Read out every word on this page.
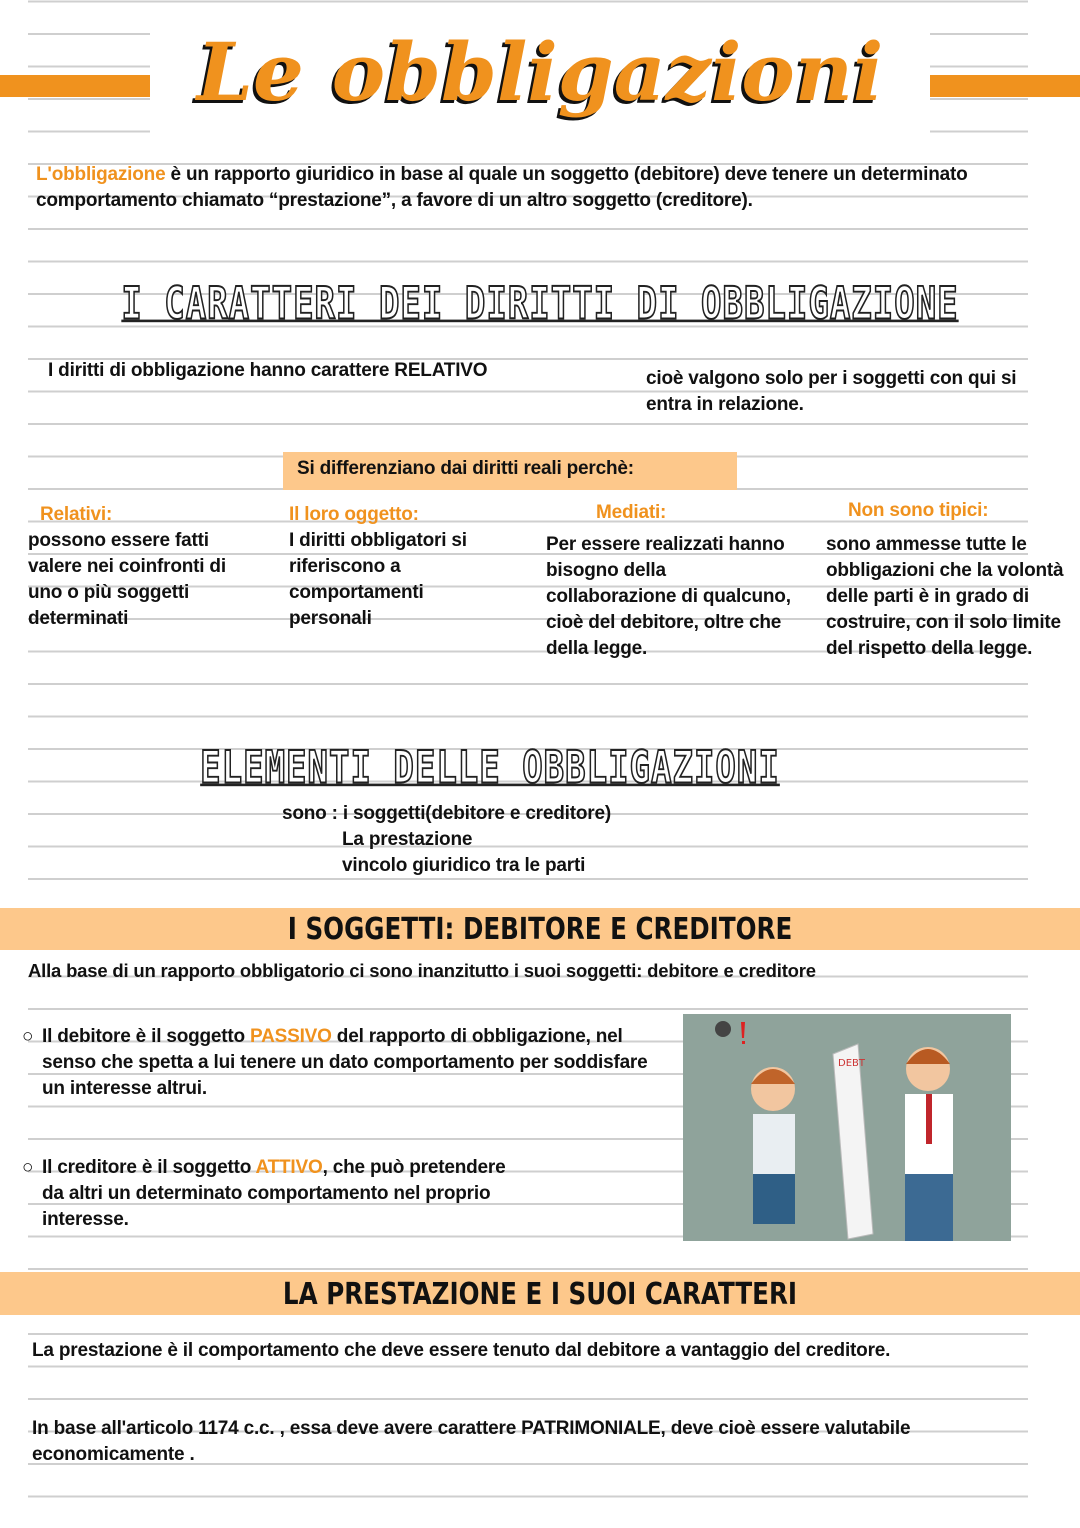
Le obbligazioni
L'obbligazione è un rapporto giuridico in base al quale un soggetto (debitore) deve tenere un determinato comportamento chiamato “prestazione”, a favore di un altro soggetto (creditore).
I CARATTERI DEI DIRITTI DI OBBLIGAZIONE
I diritti di obbligazione hanno carattere RELATIVO	cioè valgono solo per i soggetti con qui si entra in relazione.
Si differenziano dai diritti reali perchè:
Relativi:
possono essere fatti valere nei coinfronti di uno o più soggetti determinati
Il loro oggetto:
I diritti obbligatori si riferiscono a comportamenti personali
Mediati:
Per essere realizzati hanno bisogno della collaborazione di qualcuno, cioè del debitore, oltre che della legge.
Non sono tipici:
sono ammesse tutte le obbligazioni che la volontà delle parti è in grado di costruire, con il solo limite del rispetto della legge.
ELEMENTI DELLE OBBLIGAZIONI
sono : i soggetti(debitore e creditore)
La prestazione
vincolo giuridico tra le parti
I SOGGETTI: DEBITORE E CREDITORE
Alla base di un rapporto obbligatorio ci sono inanzitutto i suoi soggetti: debitore e creditore
○ Il debitore è il soggetto PASSIVO del rapporto di obbligazione, nel senso che spetta a lui tenere un dato comportamento per soddisfare un interesse altrui.
○ Il creditore è il soggetto ATTIVO, che può pretendere da altri un determinato comportamento nel proprio interesse.
DEBT
LA PRESTAZIONE E I SUOI CARATTERI
La prestazione è il comportamento che deve essere tenuto dal debitore a vantaggio del creditore.
In base all'articolo 1174 c.c. , essa deve avere carattere PATRIMONIALE, deve cioè essere valutabile economicamente .
